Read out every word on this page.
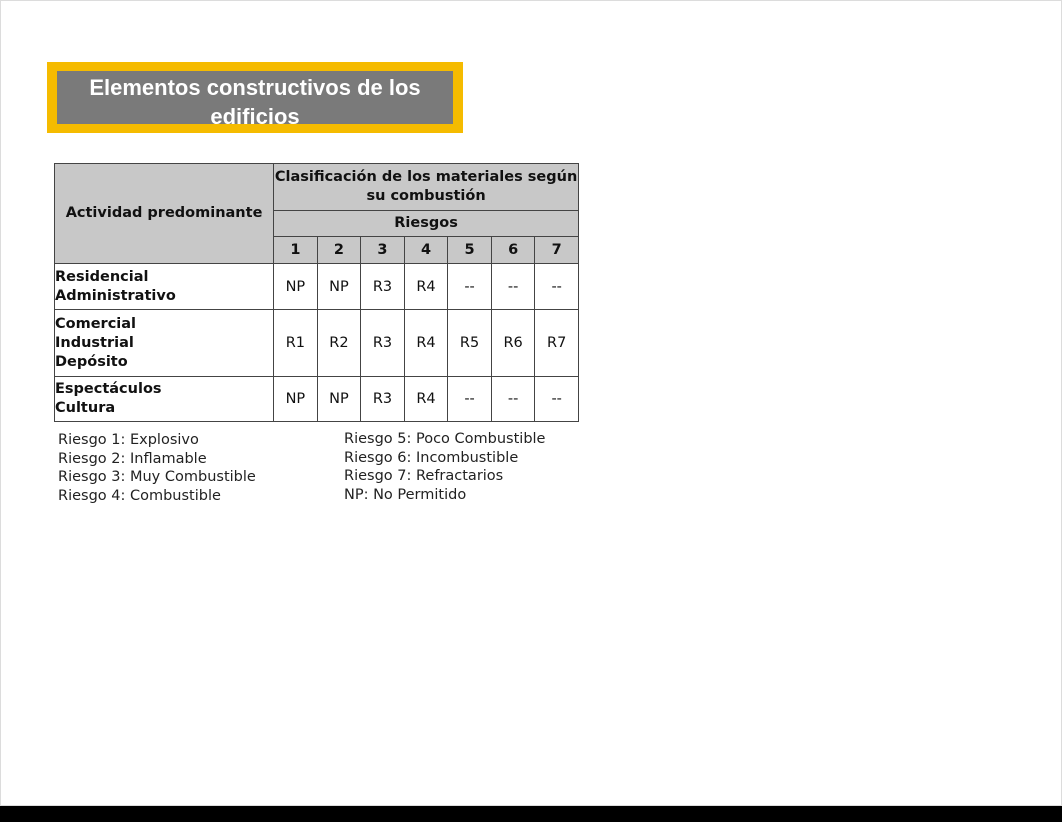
Elementos constructivos de los edificios
Actividad predominante	Clasificación de los materiales según su combustión						
	Riesgos						
	1	2	3	4	5	6	7

Residencial
Administrativo	NP	NP	R3	R4	--	--	--

Comercial
Industrial
Depósito	R1	R2	R3	R4	R5	R6	R7

Espectáculos
Cultura	NP	NP	R3	R4	--	--	--
Riesgo 1: Explosivo
Riesgo 2: Inflamable
Riesgo 3: Muy Combustible
Riesgo 4: Combustible
Riesgo 5: Poco Combustible
Riesgo 6: Incombustible
Riesgo 7: Refractarios
NP: No Permitido
